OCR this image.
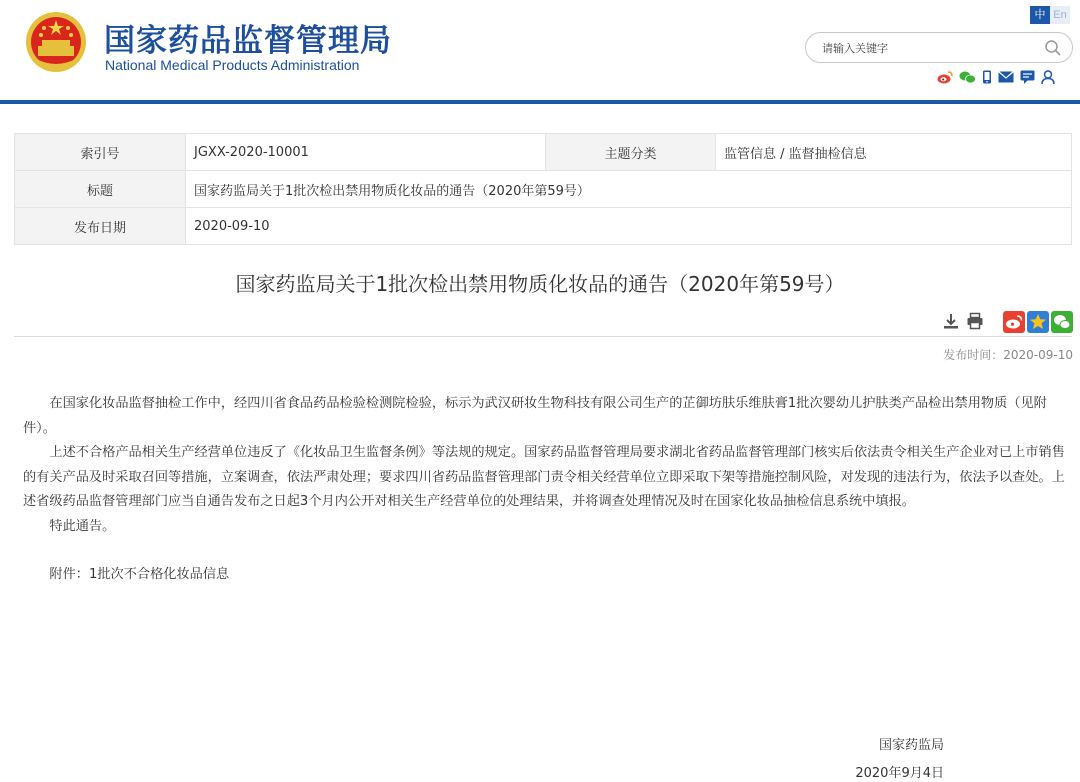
国家药品监督管理局
National Medical Products Administration
中 En
请输入关键字
索引号	JGXX-2020-10001	主题分类	监管信息 / 监督抽检信息
标题	国家药监局关于1批次检出禁用物质化妆品的通告（2020年第59号）		
发布日期	2020-09-10		
国家药监局关于1批次检出禁用物质化妆品的通告（2020年第59号）
发布时间：2020-09-10

在国家化妆品监督抽检工作中，经四川省食品药品检验检测院检验，标示为武汉研妆生物科技有限公司生产的芷御坊肤乐维肤膏1批次婴幼儿护肤类产品检出禁用物质（见附件）。

上述不合格产品相关生产经营单位违反了《化妆品卫生监督条例》等法规的规定。国家药品监督管理局要求湖北省药品监督管理部门核实后依法责令相关生产企业对已上市销售的有关产品及时采取召回等措施，立案调查，依法严肃处理；要求四川省药品监督管理部门责令相关经营单位立即采取下架等措施控制风险，对发现的违法行为，依法予以查处。上述省级药品监督管理部门应当自通告发布之日起3个月内公开对相关生产经营单位的处理结果，并将调查处理情况及时在国家化妆品抽检信息系统中填报。

特此通告。

附件：1批次不合格化妆品信息

国家药监局
2020年9月4日
